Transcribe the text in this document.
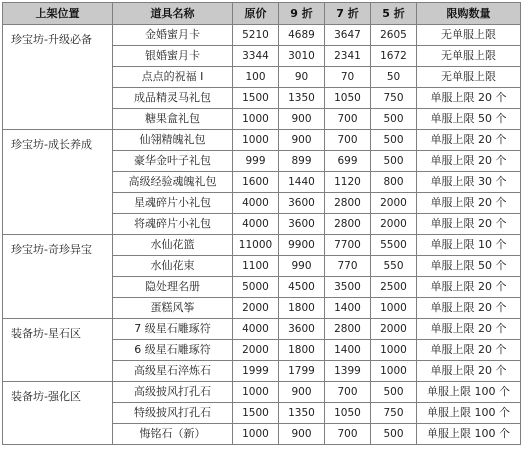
上架位置	道具名称	原价	9 折	7 折	5 折	限购数量
珍宝坊-升级必备	金婚蜜月卡	5210	4689	3647	2605	无单服上限
	银婚蜜月卡	3344	3010	2341	1672	无单服上限
	点点的祝福 I	100	90	70	50	无单服上限
	成品精灵马礼包	1500	1350	1050	750	单服上限 20 个
	糖果盒礼包	1000	900	700	500	单服上限 50 个
珍宝坊-成长养成	仙翎精魄礼包	1000	900	700	500	单服上限 20 个
	豪华金叶子礼包	999	899	699	500	单服上限 20 个
	高级经验魂魄礼包	1600	1440	1120	800	单服上限 30 个
	星魂碎片小礼包	4000	3600	2800	2000	单服上限 20 个
	将魂碎片小礼包	4000	3600	2800	2000	单服上限 20 个
珍宝坊-奇珍异宝	水仙花篮	11000	9900	7700	5500	单服上限 10 个
	水仙花束	1100	990	770	550	单服上限 50 个
	隐处理名册	5000	4500	3500	2500	单服上限 20 个
	蛋糕风筝	2000	1800	1400	1000	单服上限 20 个
装备坊-星石区	7 级星石雕琢符	4000	3600	2800	2000	单服上限 20 个
	6 级星石雕琢符	2000	1800	1400	1000	单服上限 20 个
	高级星石淬炼石	1999	1799	1399	1000	单服上限 20 个
装备坊-强化区	高级披风打孔石	1000	900	700	500	单服上限 100 个
	特级披风打孔石	1500	1350	1050	750	单服上限 100 个
	悔铭石（新）	1000	900	700	500	单服上限 100 个
